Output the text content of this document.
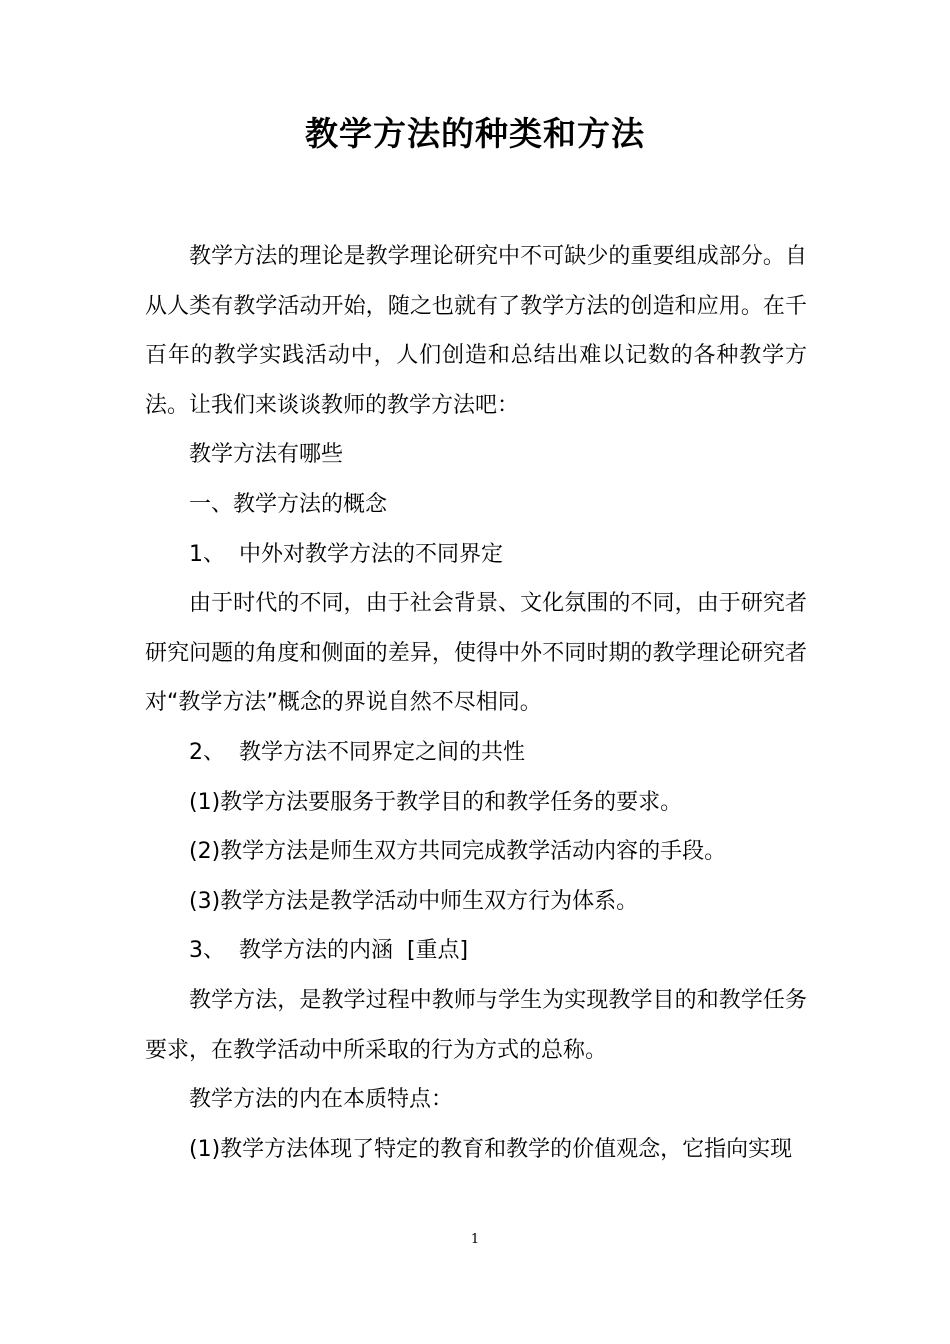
教学方法的种类和方法

教学方法的理论是教学理论研究中不可缺少的重要组成部分。自从人类有教学活动开始，随之也就有了教学方法的创造和应用。在千百年的教学实践活动中，人们创造和总结出难以记数的各种教学方法。让我们来谈谈教师的教学方法吧：

教学方法有哪些

一、教学方法的概念

1、  中外对教学方法的不同界定

由于时代的不同，由于社会背景、文化氛围的不同，由于研究者研究问题的角度和侧面的差异，使得中外不同时期的教学理论研究者对“教学方法”概念的界说自然不尽相同。

2、  教学方法不同界定之间的共性

(1)教学方法要服务于教学目的和教学任务的要求。

(2)教学方法是师生双方共同完成教学活动内容的手段。

(3)教学方法是教学活动中师生双方行为体系。

3、  教学方法的内涵  [重点]

教学方法，是教学过程中教师与学生为实现教学目的和教学任务要求，在教学活动中所采取的行为方式的总称。

教学方法的内在本质特点：

(1)教学方法体现了特定的教育和教学的价值观念，它指向实现

1
